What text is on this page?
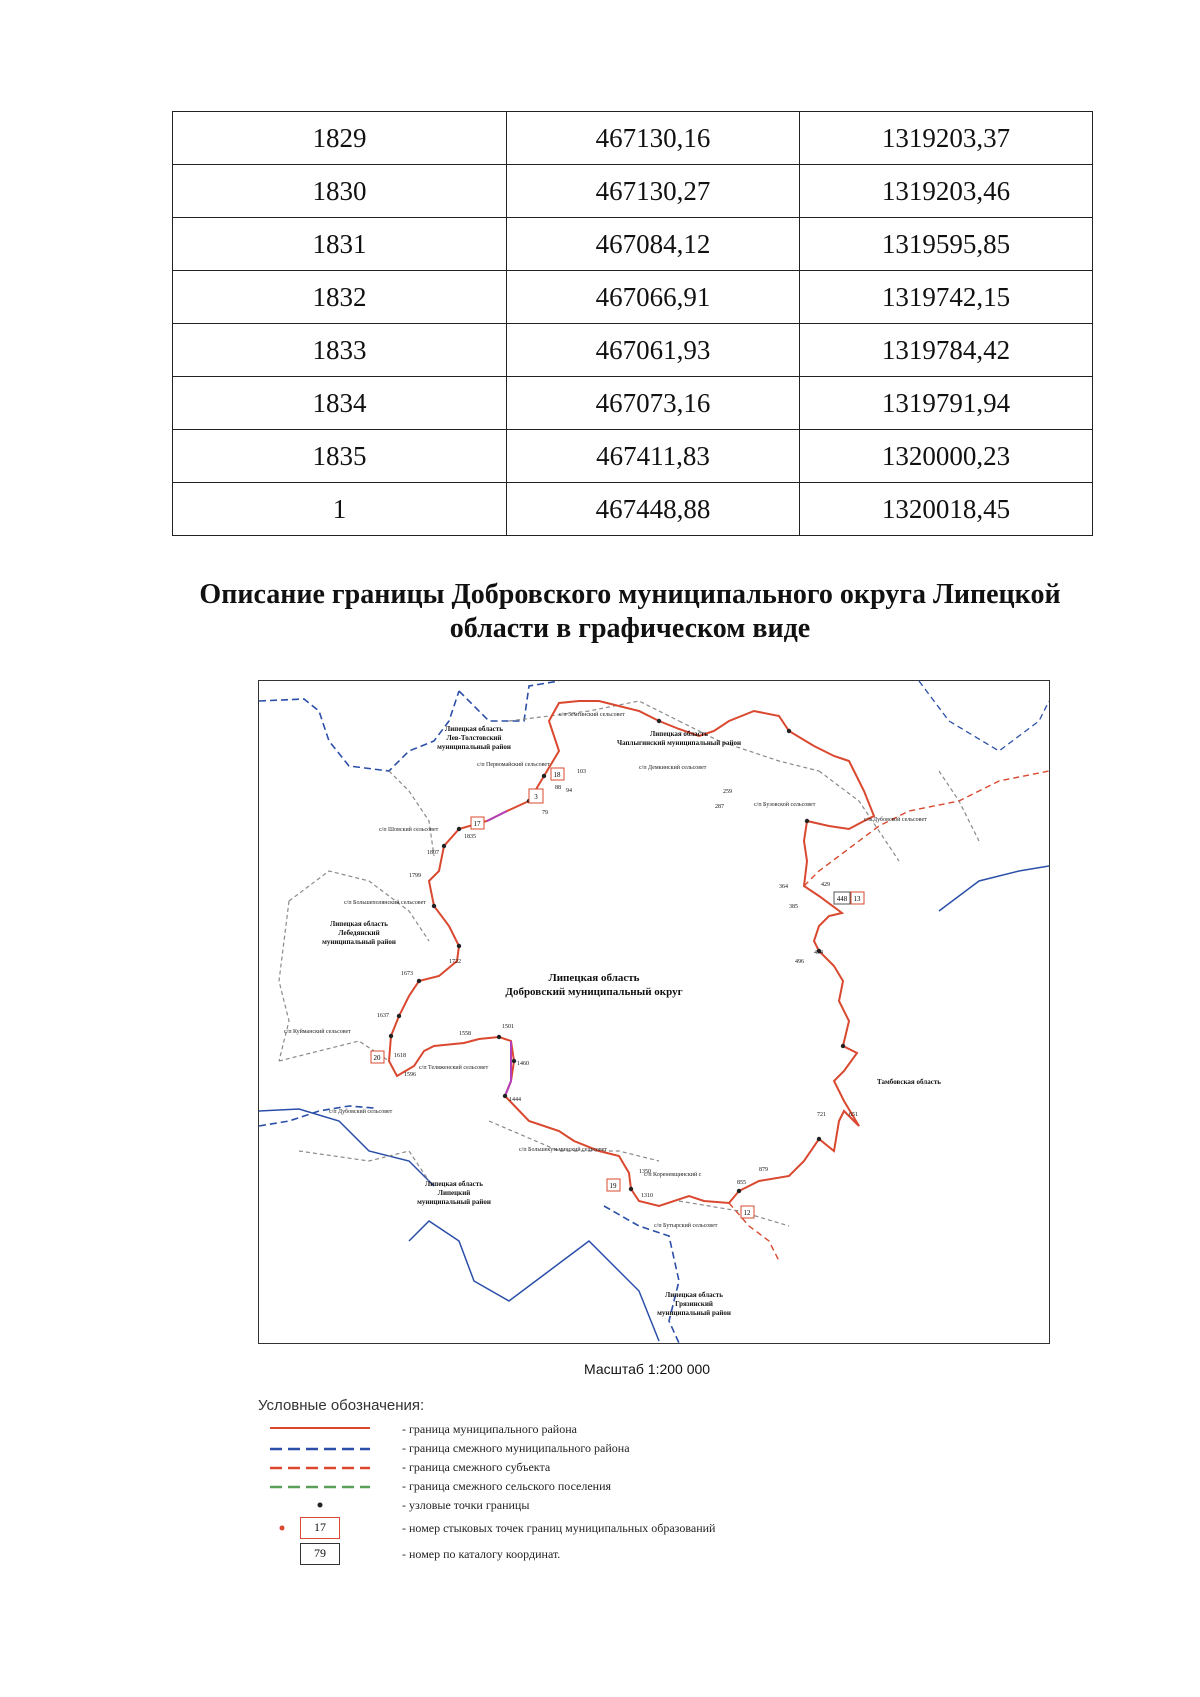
1829	467130,16	1319203,37
1830	467130,27	1319203,46
1831	467084,12	1319595,85
1832	467066,91	1319742,15
1833	467061,93	1319784,42
1834	467073,16	1319791,94
1835	467411,83	1320000,23
1	467448,88	1320018,45
Описание границы Добровского муниципального округа Липецкой области в графическом виде
Липецкая область
Добровский муниципальный округ
Липецкая область
Лев-Толстовский
муниципальный район
Липецкая область
Чаплыгинский муниципальный район
Липецкая область
Лебедянский
муниципальный район
Липецкая область
Липецкий
муниципальный район
Липецкая область
Грязинский
муниципальный район
Тамбовская область
с/п Земгинский сельсовет
с/п Первомайский сельсовет	с/п Демкинский сельсовет
с/п Шовский сельсовет
с/п Бузовской сельсовет
с/п Дубовской сельсовет
с/п Большеполянский сельсовет
с/п Куйманский сельсовет
с/п Теляженский сельсовет
с/п Дубовский сельсовет
с/п Большекузьминский сельсовет
с/п Кореневщинский с
с/п Бутырский сельсовет
103
88 94
79
1835
1807
1799
259
287
364
385
429
496
494
1722
1673
1637
1618
1596
1558
1501
1460
1444
1350
1310
855
879
721	651
3
18
17
13
20
19
12
448
Масштаб 1:200 000
Условные обозначения:
- граница муниципального района
- граница смежного муниципального района
- граница смежного субъекта
- граница смежного сельского поселения
- узловые точки границы
17	- номер стыковых точек границ муниципальных образований
79	- номер по каталогу координат.
